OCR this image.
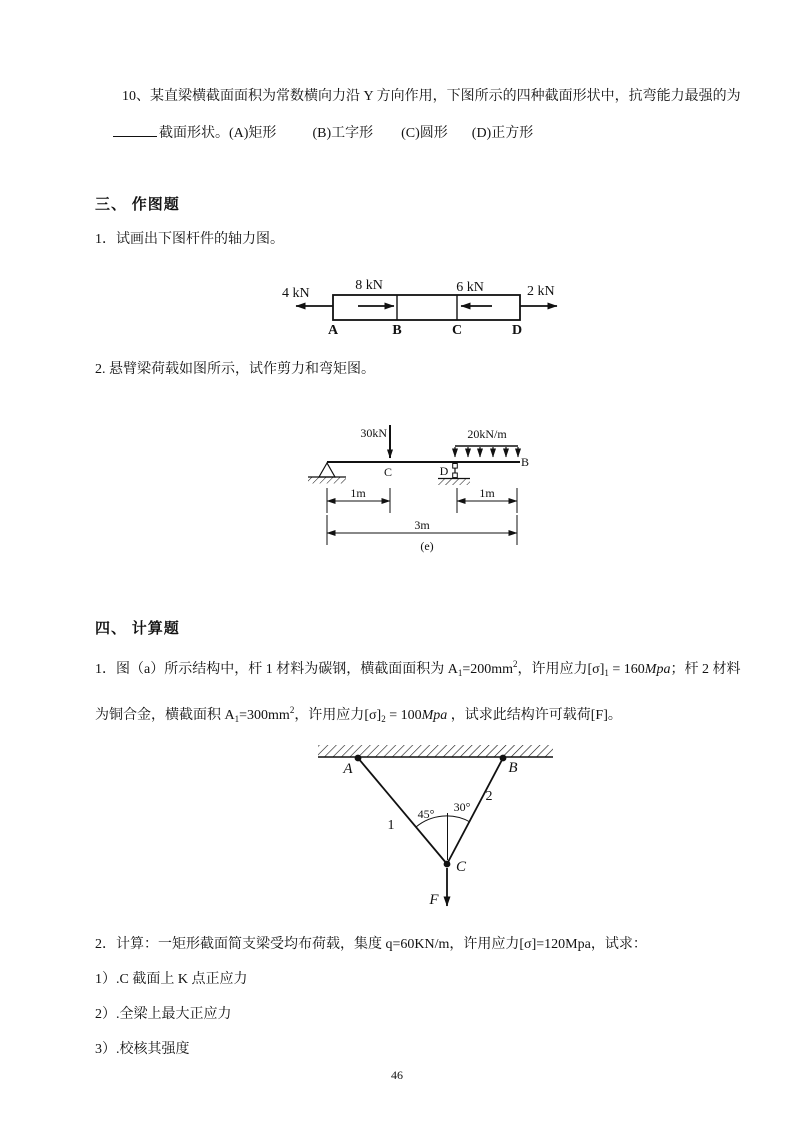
10、某直梁横截面面积为常数横向力沿 Y 方向作用，下图所示的四种截面形状中，抗弯能力最强的为
截面形状。(A)矩形	(B)工字形 (C)圆形 (D)正方形
三、 作图题
1．试画出下图杆件的轴力图。
4 kN
8 kN	6 kN	2 kN
A	B	C	D
2. 悬臂梁荷载如图所示，试作剪力和弯矩图。
30kN
C	D
20kN/m
B
1m	1m
3m
(e)
四、 计算题
1．图（a）所示结构中，杆 1 材料为碳钢，横截面面积为 $A_1=200mm^2$，许用应力$[\sigma]_1 = 160Mpa$；杆 2 材料
为铜合金，横截面积 $A_1=300mm^2$，许用应力$[\sigma]_2 = 100Mpa$ ，试求此结构许可载荷[F]。
A	B
C
1
2
45° 30°
F
2．计算：一矩形截面简支梁受均布荷载，集度 q=60KN/m，许用应力[σ]=120Mpa，试求：
1）.C 截面上 K 点正应力
2）.全梁上最大正应力
3）.校核其强度
46
